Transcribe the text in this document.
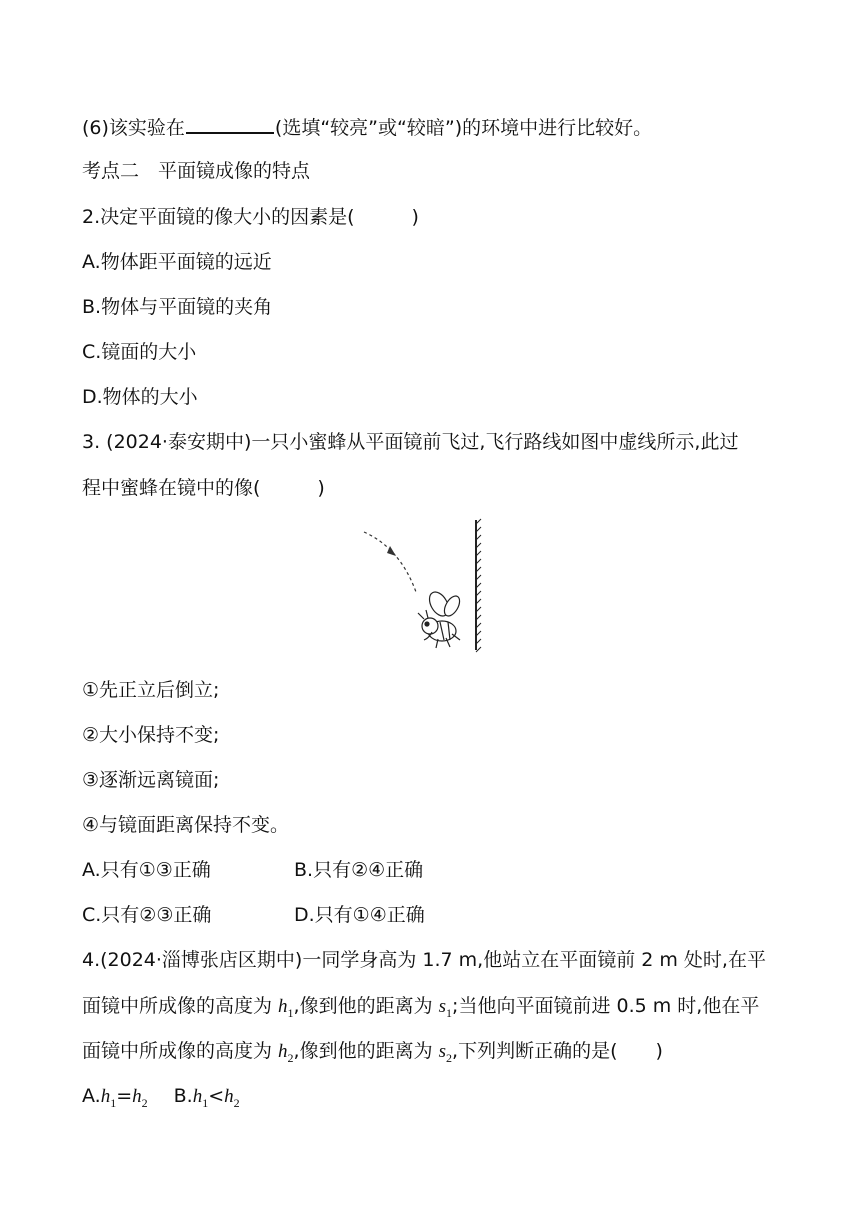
(6)该实验在	(选填“较亮”或“较暗”)的环境中进行比较好。
考点二　平面镜成像的特点
2.决定平面镜的像大小的因素是(　　　)
A.物体距平面镜的远近
B.物体与平面镜的夹角
C.镜面的大小
D.物体的大小
3. (2024·泰安期中)一只小蜜蜂从平面镜前飞过,飞行路线如图中虚线所示,此过
程中蜜蜂在镜中的像(　　　)
①先正立后倒立;
②大小保持不变;
③逐渐远离镜面;
④与镜面距离保持不变。
A.只有①③正确	B.只有②④正确
C.只有②③正确	D.只有①④正确
4.(2024·淄博张店区期中)一同学身高为 1.7 m,他站立在平面镜前 2 m 处时,在平
面镜中所成像的高度为 $h_1$,像到他的距离为 $s_1$;当他向平面镜前进 0.5 m 时,他在平
面镜中所成像的高度为 $h_2$,像到他的距离为 $s_2$,下列判断正确的是(　　)
$A.h_1=h_2$ $B.h_1<h_2$
